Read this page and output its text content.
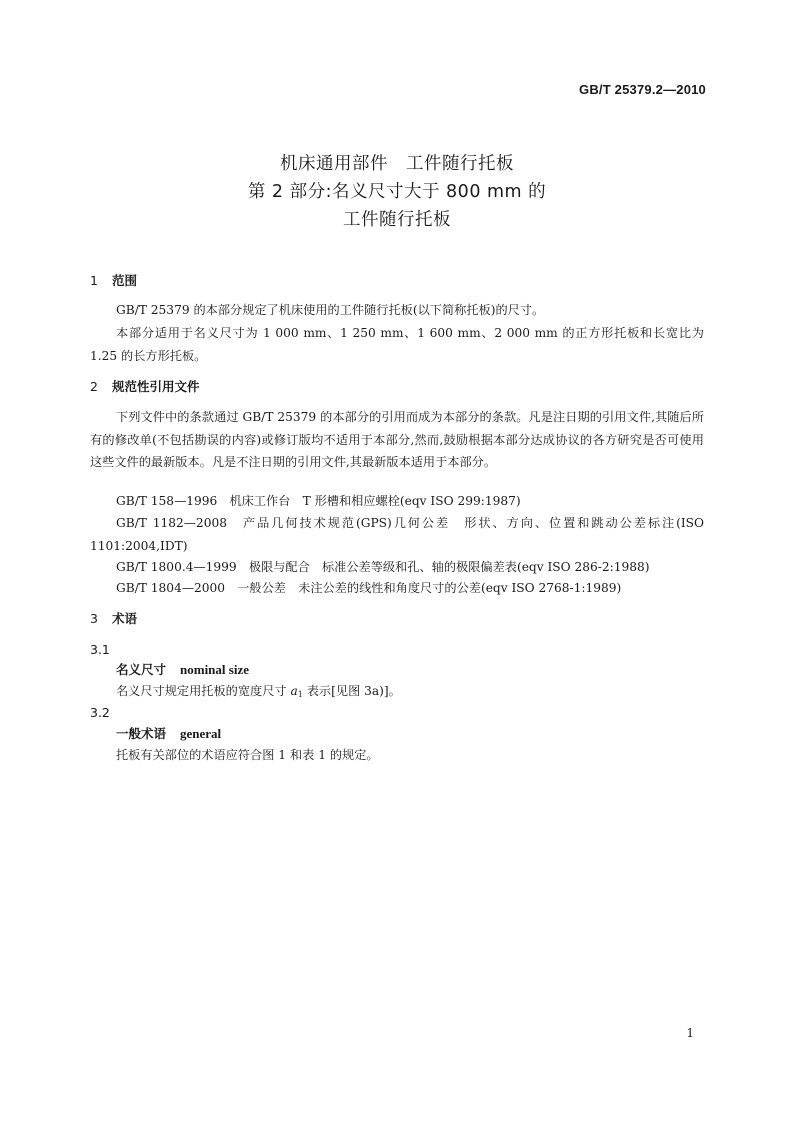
GB/T 25379.2—2010
机床通用部件　工件随行托板
第 2 部分:名义尺寸大于 800 mm 的
工件随行托板
1 范围

GB/T 25379 的本部分规定了机床使用的工件随行托板(以下简称托板)的尺寸。

本部分适用于名义尺寸为 1 000 mm、1 250 mm、1 600 mm、2 000 mm 的正方形托板和长宽比为 1.25 的长方形托板。

2 规范性引用文件

下列文件中的条款通过 GB/T 25379 的本部分的引用而成为本部分的条款。凡是注日期的引用文件,其随后所有的修改单(不包括勘误的内容)或修订版均不适用于本部分,然而,鼓励根据本部分达成协议的各方研究是否可使用这些文件的最新版本。凡是不注日期的引用文件,其最新版本适用于本部分。

GB/T 158—1996　机床工作台　T 形槽和相应螺栓(eqv ISO 299:1987)

GB/T 1182—2008　产品几何技术规范(GPS)几何公差　形状、方向、位置和跳动公差标注(ISO 1101:2004,IDT)

GB/T 1800.4—1999　极限与配合　标准公差等级和孔、轴的极限偏差表(eqv ISO 286-2:1988)

GB/T 1804—2000　一般公差　未注公差的线性和角度尺寸的公差(eqv ISO 2768-1:1989)

3 术语
3.1
名义尺寸 nominal size

名义尺寸规定用托板的宽度尺寸 $a_1$ 表示[见图 3a)]。

3.2
一般术语 general

托板有关部位的术语应符合图 1 和表 1 的规定。

1
